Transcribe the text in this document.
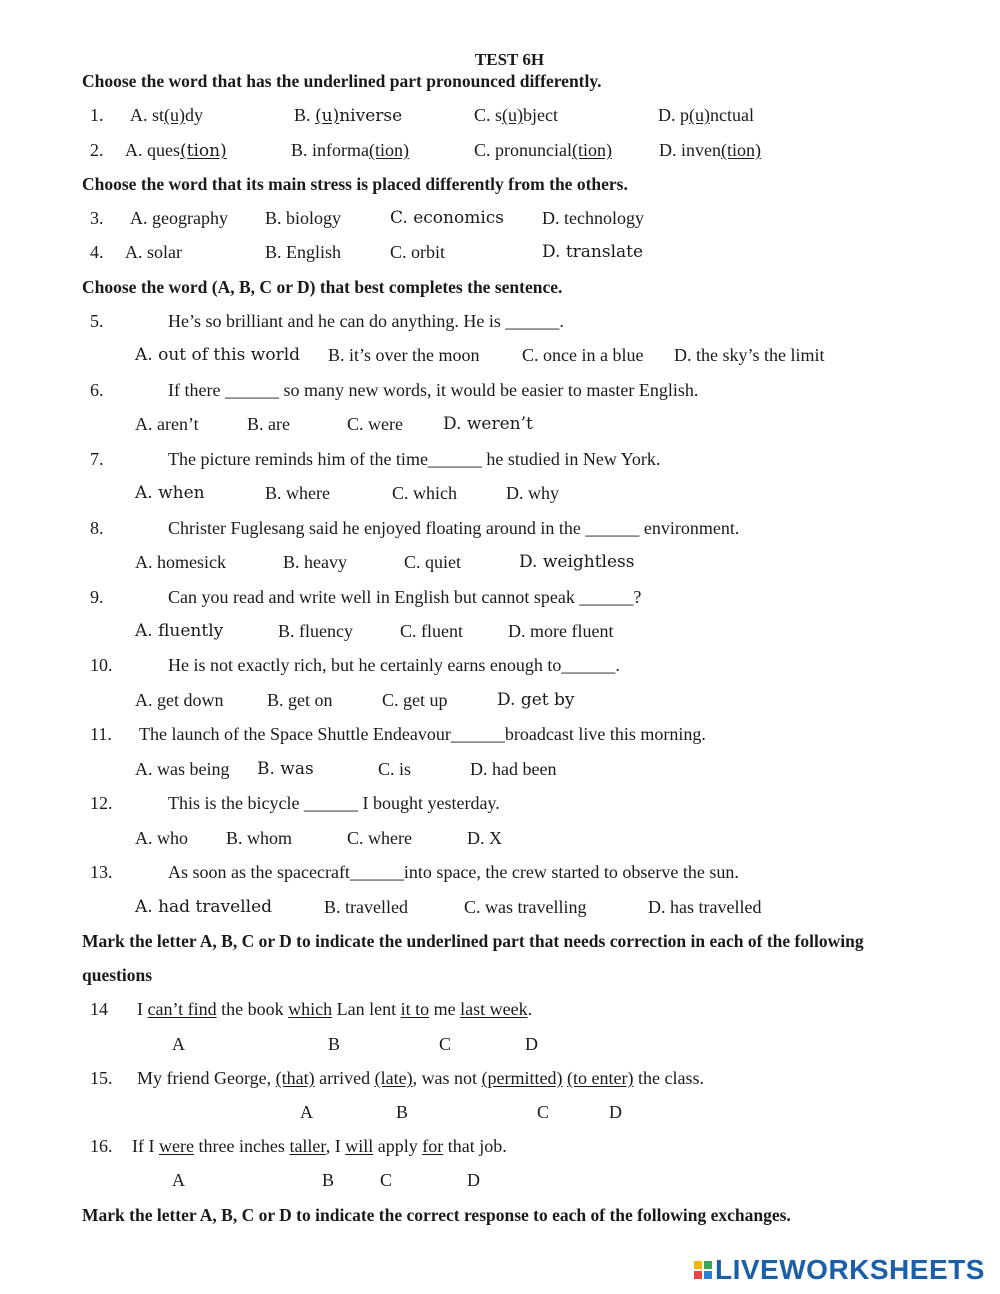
TEST 6H
Choose the word that has the underlined part pronounced differently.
1. A. st(u)dy	B. (u)niverse	C. s(u)bject	D. p(u)nctual
2. A. ques(tion)	B. informa(tion)	C. pronuncial(tion)	D. inven(tion)
Choose the word that its main stress is placed differently from the others.
3. A. geography B. biology	C. economics D. technology
4. A. solar	B. English	C. orbit	D. translate
Choose the word (A, B, C or D) that best completes the sentence.
5.	He’s so brilliant and he can do anything. He is ______.
A. out of this world B. it’s over the moon C. once in a blue D. the sky’s the limit
6.	If there ______ so many new words, it would be easier to master English.
A. aren’t	B. are	C. were D. weren’t
7.	The picture reminds him of the time______ he studied in New York.
A. when	B. where	C. which	D. why
8.	Christer Fuglesang said he enjoyed floating around in the ______ environment.
A. homesick	B. heavy	C. quiet	D. weightless
9.	Can you read and write well in English but cannot speak ______?
A. fluently	B. fluency	C. fluent	D. more fluent
10.	He is not exactly rich, but he certainly earns enough to______.
A. get down B. get on	C. get up	D. get by
11. The launch of the Space Shuttle Endeavour______broadcast live this morning.
A. was being B. was	C. is	D. had been
12.	This is the bicycle ______ I bought yesterday.
A. who B. whom	C. where	D. X
13.	As soon as the spacecraft______into space, the crew started to observe the sun.
A. had travelled	B. travelled	C. was travelling	D. has travelled
Mark the letter A, B, C or D to indicate the underlined part that needs correction in each of the following
questions
14 I can’t find the book which Lan lent it to me last week.
A	B	C	D
15. My friend George, (that) arrived (late), was not (permitted) (to enter) the class.
A	B	C	D
16. If I were three inches taller, I will apply for that job.
A	B	C	D
Mark the letter A, B, C or D to indicate the correct response to each of the following exchanges.
LIVEWORKSHEETS
